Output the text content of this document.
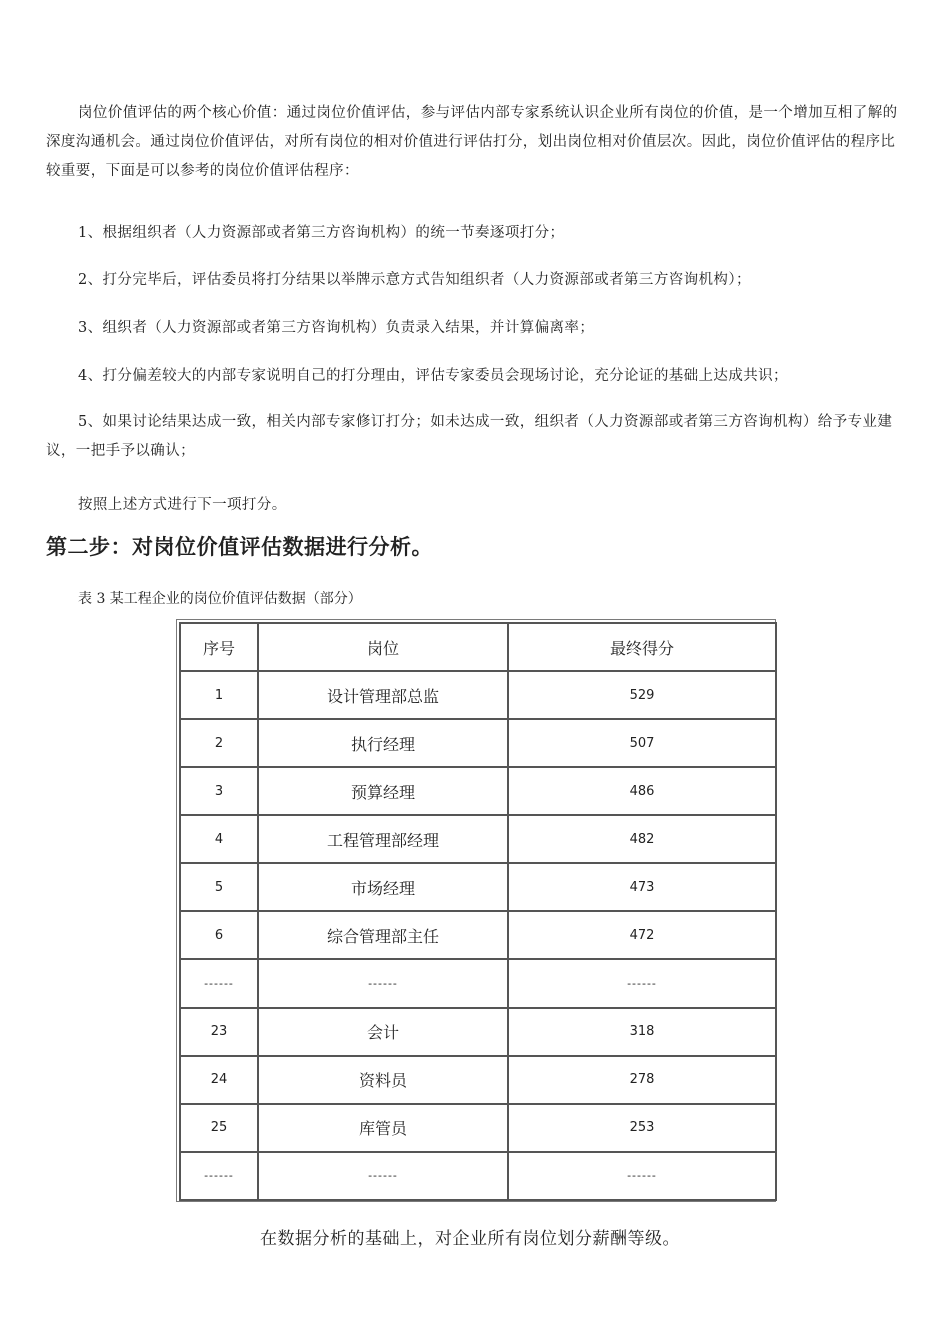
岗位价值评估的两个核心价值：通过岗位价值评估，参与评估内部专家系统认识企业所有岗位的价值，是一个增加互相了解的深度沟通机会。通过岗位价值评估，对所有岗位的相对价值进行评估打分，划出岗位相对价值层次。因此，岗位价值评估的程序比较重要，下面是可以参考的岗位价值评估程序：

1、根据组织者（人力资源部或者第三方咨询机构）的统一节奏逐项打分；

2、打分完毕后，评估委员将打分结果以举牌示意方式告知组织者（人力资源部或者第三方咨询机构）；

3、组织者（人力资源部或者第三方咨询机构）负责录入结果，并计算偏离率；

4、打分偏差较大的内部专家说明自己的打分理由，评估专家委员会现场讨论，充分论证的基础上达成共识；

5、如果讨论结果达成一致，相关内部专家修订打分；如未达成一致，组织者（人力资源部或者第三方咨询机构）给予专业建议，一把手予以确认；

按照上述方式进行下一项打分。

第二步：对岗位价值评估数据进行分析。

表 3 某工程企业的岗位价值评估数据（部分）

序号	岗位	最终得分
1	设计管理部总监	529
2	执行经理	507
3	预算经理	486
4	工程管理部经理	482
5	市场经理	473
6	综合管理部主任	472
------	------	------
23	会计	318
24	资料员	278
25	库管员	253
------	------	------

在数据分析的基础上，对企业所有岗位划分薪酬等级。
